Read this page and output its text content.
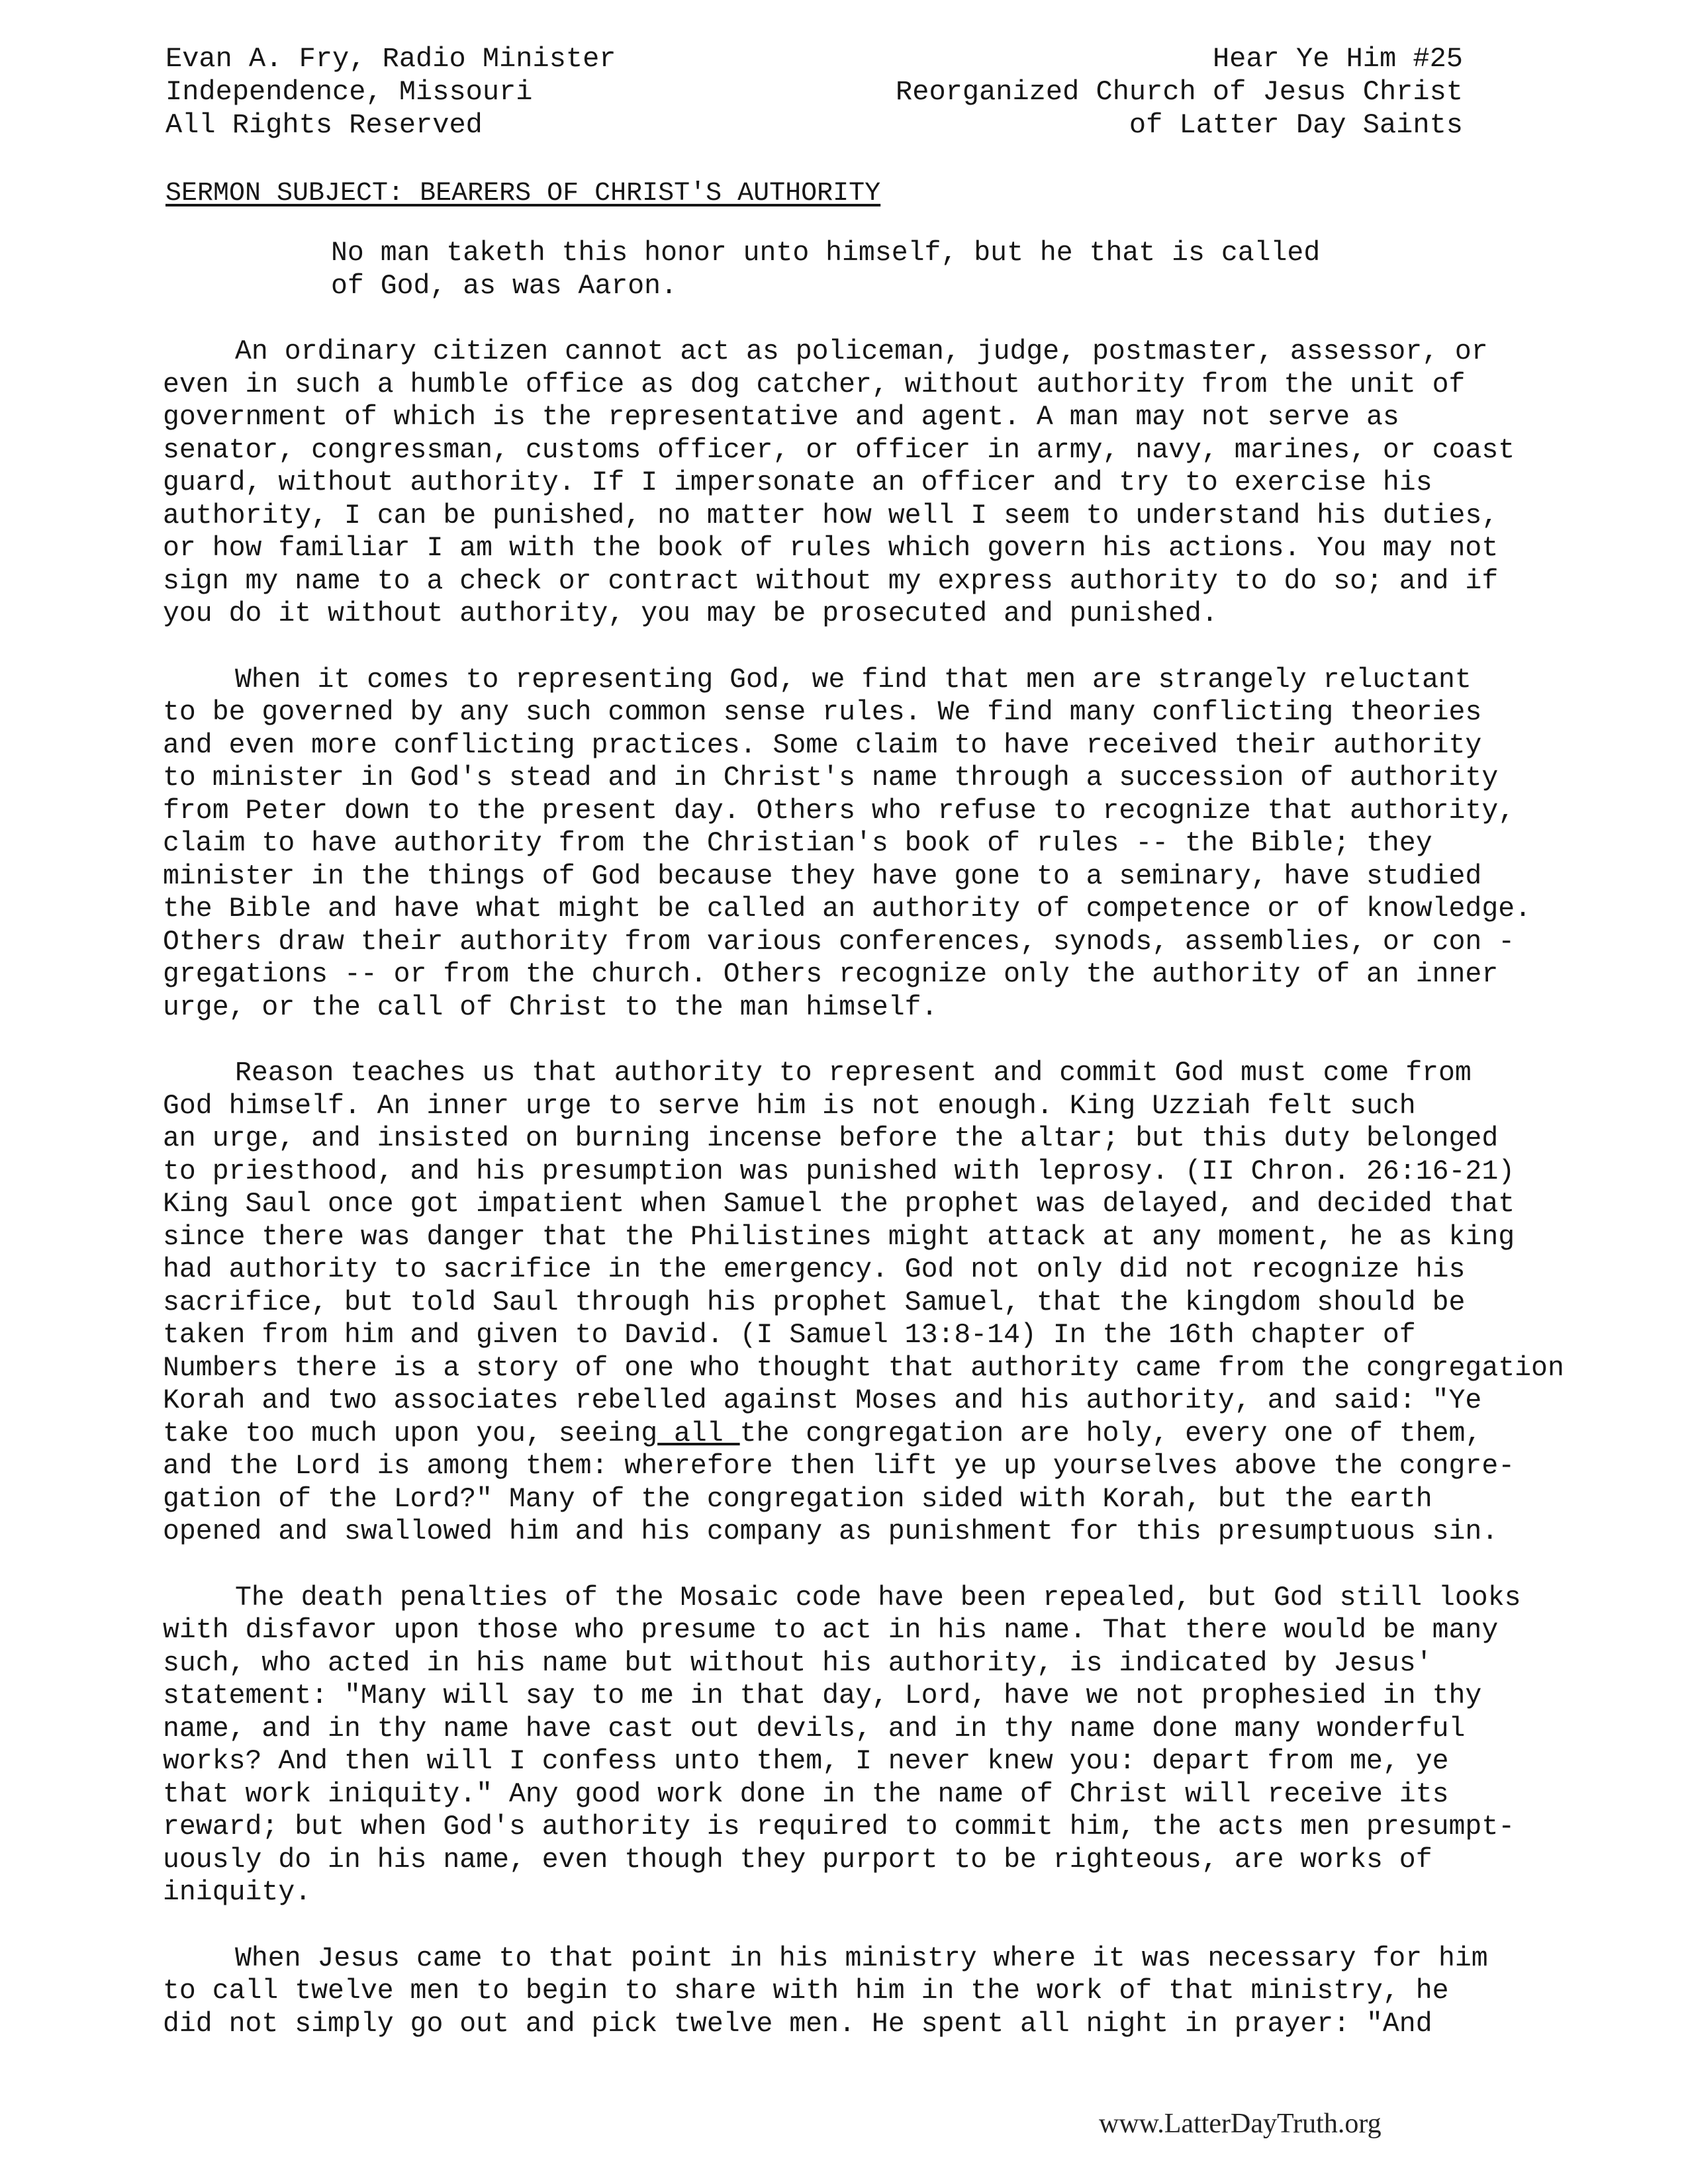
Evan A. Fry, Radio Minister
Independence, Missouri
All Rights Reserved
Hear Ye Him #25
Reorganized Church of Jesus Christ
of Latter Day Saints
SERMON SUBJECT: BEARERS OF CHRIST'S AUTHORITY
No man taketh this honor unto himself, but he that is called
of God, as was Aaron.
An ordinary citizen cannot act as policeman, judge, postmaster, assessor, or
even in such a humble office as dog catcher, without authority from the unit of
government of which is the representative and agent. A man may not serve as
senator, congressman, customs officer, or officer in army, navy, marines, or coast
guard, without authority. If I impersonate an officer and try to exercise his
authority, I can be punished, no matter how well I seem to understand his duties,
or how familiar I am with the book of rules which govern his actions. You may not
sign my name to a check or contract without my express authority to do so; and if
you do it without authority, you may be prosecuted and punished.
When it comes to representing God, we find that men are strangely reluctant
to be governed by any such common sense rules. We find many conflicting theories
and even more conflicting practices. Some claim to have received their authority
to minister in God's stead and in Christ's name through a succession of authority
from Peter down to the present day. Others who refuse to recognize that authority,
claim to have authority from the Christian's book of rules -- the Bible; they
minister in the things of God because they have gone to a seminary, have studied
the Bible and have what might be called an authority of competence or of knowledge.
Others draw their authority from various conferences, synods, assemblies, or con -
gregations -- or from the church. Others recognize only the authority of an inner
urge, or the call of Christ to the man himself.
Reason teaches us that authority to represent and commit God must come from
God himself. An inner urge to serve him is not enough. King Uzziah felt such
an urge, and insisted on burning incense before the altar; but this duty belonged
to priesthood, and his presumption was punished with leprosy. (II Chron. 26:16-21)
King Saul once got impatient when Samuel the prophet was delayed, and decided that
since there was danger that the Philistines might attack at any moment, he as king
had authority to sacrifice in the emergency. God not only did not recognize his
sacrifice, but told Saul through his prophet Samuel, that the kingdom should be
taken from him and given to David. (I Samuel 13:8-14) In the 16th chapter of
Numbers there is a story of one who thought that authority came from the congregation
Korah and two associates rebelled against Moses and his authority, and said: "Ye
take too much upon you, seeing all the congregation are holy, every one of them,
and the Lord is among them: wherefore then lift ye up yourselves above the congre-
gation of the Lord?" Many of the congregation sided with Korah, but the earth
opened and swallowed him and his company as punishment for this presumptuous sin.
The death penalties of the Mosaic code have been repealed, but God still looks
with disfavor upon those who presume to act in his name. That there would be many
such, who acted in his name but without his authority, is indicated by Jesus'
statement: "Many will say to me in that day, Lord, have we not prophesied in thy
name, and in thy name have cast out devils, and in thy name done many wonderful
works? And then will I confess unto them, I never knew you: depart from me, ye
that work iniquity." Any good work done in the name of Christ will receive its
reward; but when God's authority is required to commit him, the acts men presumpt-
uously do in his name, even though they purport to be righteous, are works of
iniquity.
When Jesus came to that point in his ministry where it was necessary for him
to call twelve men to begin to share with him in the work of that ministry, he
did not simply go out and pick twelve men. He spent all night in prayer: "And
www.LatterDayTruth.org
